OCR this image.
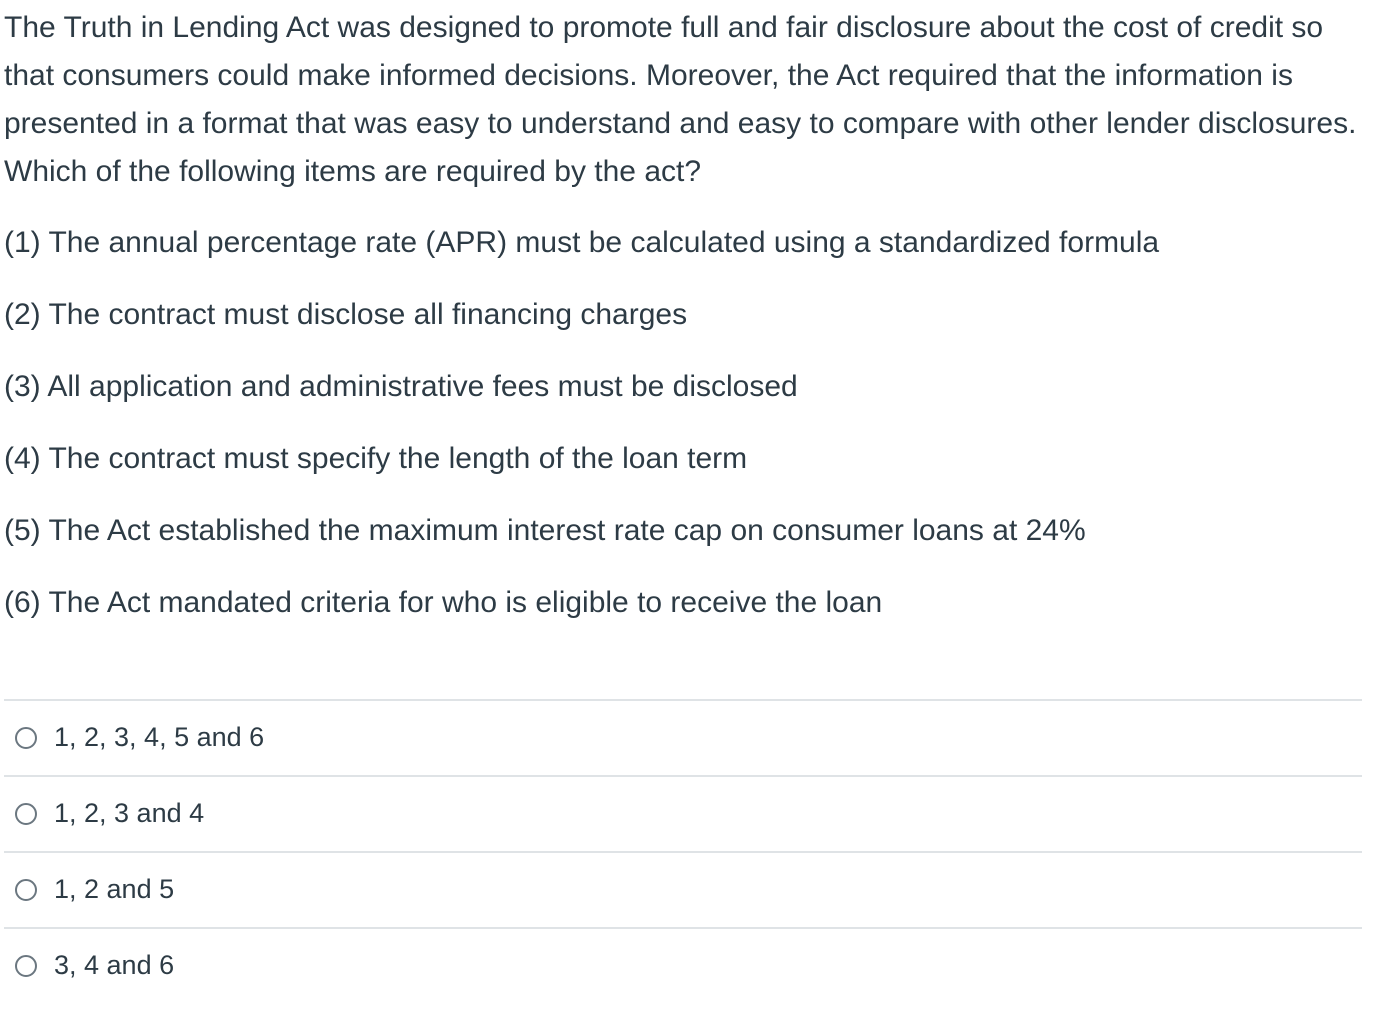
The Truth in Lending Act was designed to promote full and fair disclosure about the cost of credit so that consumers could make informed decisions. Moreover, the Act required that the information is presented in a format that was easy to understand and easy to compare with other lender disclosures. Which of the following items are required by the act?

(1) The annual percentage rate (APR) must be calculated using a standardized formula

(2) The contract must disclose all financing charges

(3) All application and administrative fees must be disclosed

(4) The contract must specify the length of the loan term

(5) The Act established the maximum interest rate cap on consumer loans at 24%

(6) The Act mandated criteria for who is eligible to receive the loan

1, 2, 3, 4, 5 and 6
1, 2, 3 and 4
1, 2 and 5
3, 4 and 6
